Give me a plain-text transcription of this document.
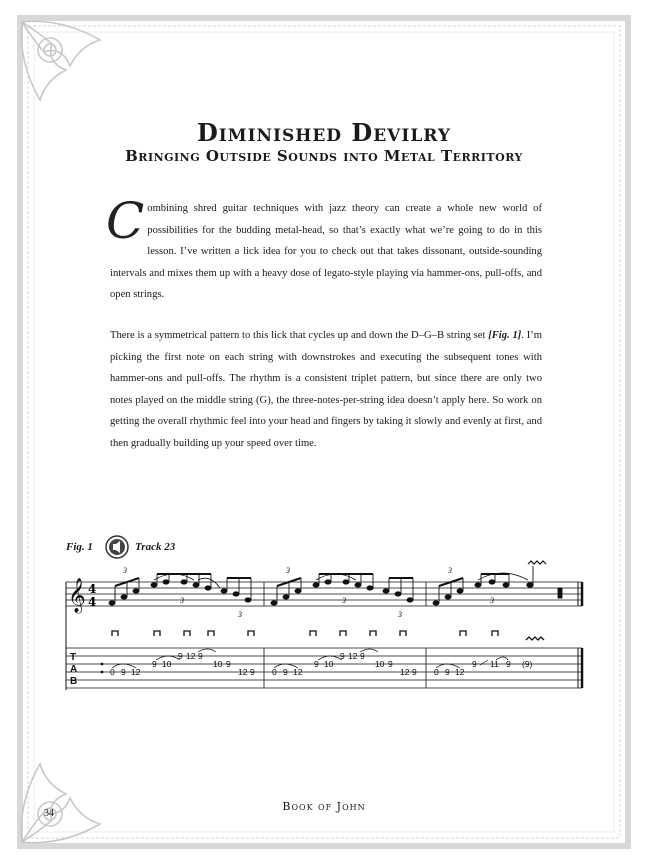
Diminished Devilry
Bringing Outside Sounds into Metal Territory

Combining shred guitar techniques with jazz theory can create a whole new world of possibilities for the budding metal-head, so that’s exactly what we’re going to do in this lesson. I’ve written a lick idea for you to check out that takes dissonant, outside-sounding intervals and mixes them up with a heavy dose of legato-style playing via hammer-ons, pull-offs, and open strings.

There is a symmetrical pattern to this lick that cycles up and down the D–G–B string set [Fig. 1]. I’m picking the first note on each string with downstrokes and executing the subsequent tones with hammer-ons and pull-offs. The rhythm is a consistent triplet pattern, but since there are only two notes played on the middle string (G), the three-notes-per-string idea doesn’t apply here. So work on getting the overall rhythmic feel into your head and fingers by taking it slowly and evenly at first, and then gradually building up your speed over time.

Fig. 1	Track 23
𝄞 4
4
3
3
3
3
3
3
3
3
T
A
B
0 9 12
9 10
9 12 9
10 9
12 9 0 9 12
9 10
9 12 9
10 9
12 9 0 9 12
9 11 9 (9)
Book of John
34
